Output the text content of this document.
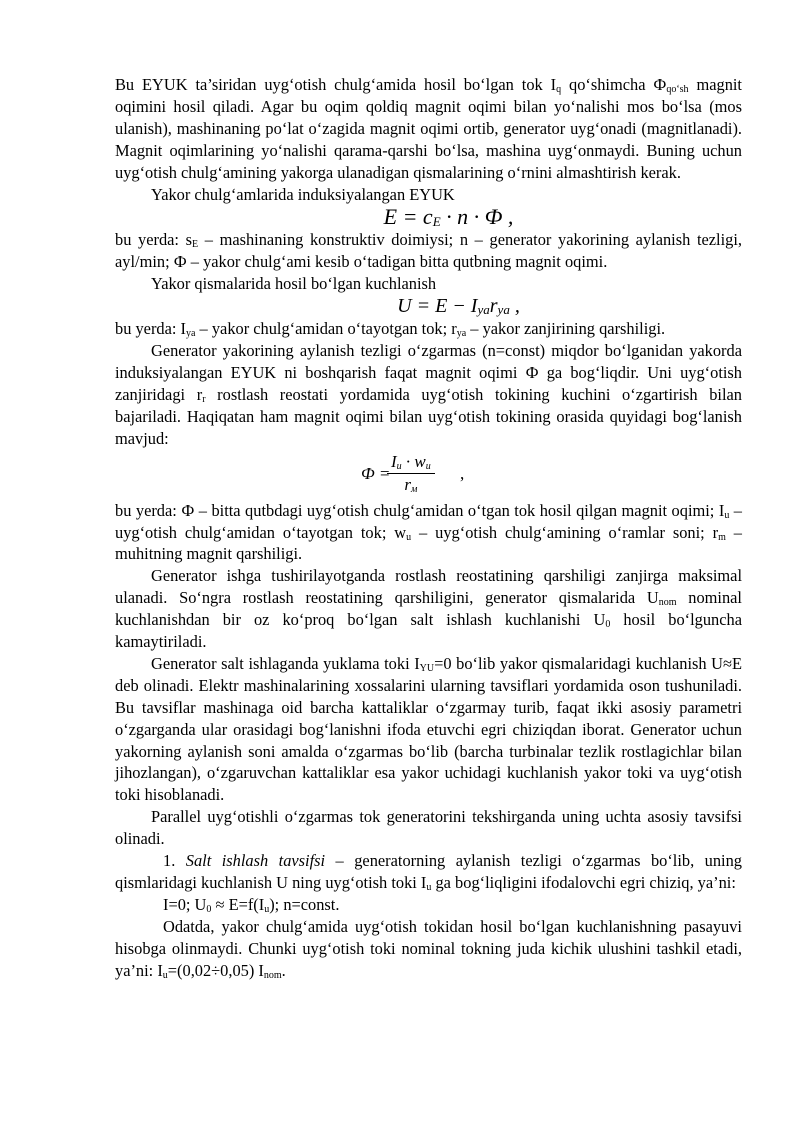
Bu EYUK ta’siridan uyg‘otish chulg‘amida hosil bo‘lgan tok $I_q$ qo‘shimcha $Ф_{qo‘sh}$ magnit oqimini hosil qiladi. Agar bu oqim qoldiq magnit oqimi bilan yo‘nalishi mos bo‘lsa (mos ulanish), mashinaning po‘lat o‘zagida magnit oqimi ortib, generator uyg‘onadi (magnitlanadi). Magnit oqimlarining yo‘nalishi qarama-qarshi bo‘lsa, mashina uyg‘onmaydi. Buning uchun uyg‘otish chulg‘amining yakorga ulanadigan qismalarining o‘rnini almashtirish kerak.

Yakor chulg‘amlarida induksiyalangan EYUK

$E = c_E \cdot n \cdot Ф$ ,

bu yerda: $s_E$ – mashinaning konstruktiv doimiysi; n – generator yakorining aylanish tezligi, ayl/min; Ф – yakor chulg‘ami kesib o‘tadigan bitta qutbning magnit oqimi.

Yakor qismalarida hosil bo‘lgan kuchlanish

$U = E - I_{ya}r_{ya}$ ,

bu yerda: $I_{ya}$ – yakor chulg‘amidan o‘tayotgan tok; $r_{ya}$ – yakor zanjirining qarshiligi.

Generator yakorining aylanish tezligi o‘zgarmas (n=const) miqdor bo‘lganidan yakorda induksiyalangan EYUK ni boshqarish faqat magnit oqimi Ф ga bog‘liqdir. Uni uyg‘otish zanjiridagi $r_r$ rostlash reostati yordamida uyg‘otish tokining kuchini o‘zgartirish bilan bajariladi. Haqiqatan ham magnit oqimi bilan uyg‘otish tokining orasida quyidagi bog‘lanish mavjud:

Ф =
$I_u \cdot w_u$
$r_м$
,

bu yerda: Ф – bitta qutbdagi uyg‘otish chulg‘amidan o‘tgan tok hosil qilgan magnit oqimi; $I_u$ – uyg‘otish chulg‘amidan o‘tayotgan tok; $w_u$ – uyg‘otish chulg‘amining o‘ramlar soni; $r_m$ – muhitning magnit qarshiligi.

Generator ishga tushirilayotganda rostlash reostatining qarshiligi zanjirga maksimal ulanadi. So‘ngra rostlash reostatining qarshiligini, generator qismalarida $U_{nom}$ nominal kuchlanishdan bir oz ko‘proq bo‘lgan salt ishlash kuchlanishi $U_0$ hosil bo‘lguncha kamaytiriladi.

Generator salt ishlaganda yuklama toki $I_{YU}=0$ bo‘lib yakor qismalaridagi kuchlanish U≈E deb olinadi. Elektr mashinalarining xossalarini ularning tavsiflari yordamida oson tushuniladi. Bu tavsiflar mashinaga oid barcha kattaliklar o‘zgarmay turib, faqat ikki asosiy parametri o‘zgarganda ular orasidagi bog‘lanishni ifoda etuvchi egri chiziqdan iborat. Generator uchun yakorning aylanish soni amalda o‘zgarmas bo‘lib (barcha turbinalar tezlik rostlagichlar bilan jihozlangan), o‘zgaruvchan kattaliklar esa yakor uchidagi kuchlanish yakor toki va uyg‘otish toki hisoblanadi.

Parallel uyg‘otishli o‘zgarmas tok generatorini tekshirganda uning uchta asosiy tavsifsi olinadi.

1. Salt ishlash tavsifsi – generatorning aylanish tezligi o‘zgarmas bo‘lib, uning qismlaridagi kuchlanish U ning uyg‘otish toki $I_u$ ga bog‘liqligini ifodalovchi egri chiziq, ya’ni:

I=0; $U_0 \approx E=f(I_u)$; n=const.

Odatda, yakor chulg‘amida uyg‘otish tokidan hosil bo‘lgan kuchlanishning pasayuvi hisobga olinmaydi. Chunki uyg‘otish toki nominal tokning juda kichik ulushini tashkil etadi, ya’ni: $I_u=(0,02\div 0,05)$ $I_{nom}$.
